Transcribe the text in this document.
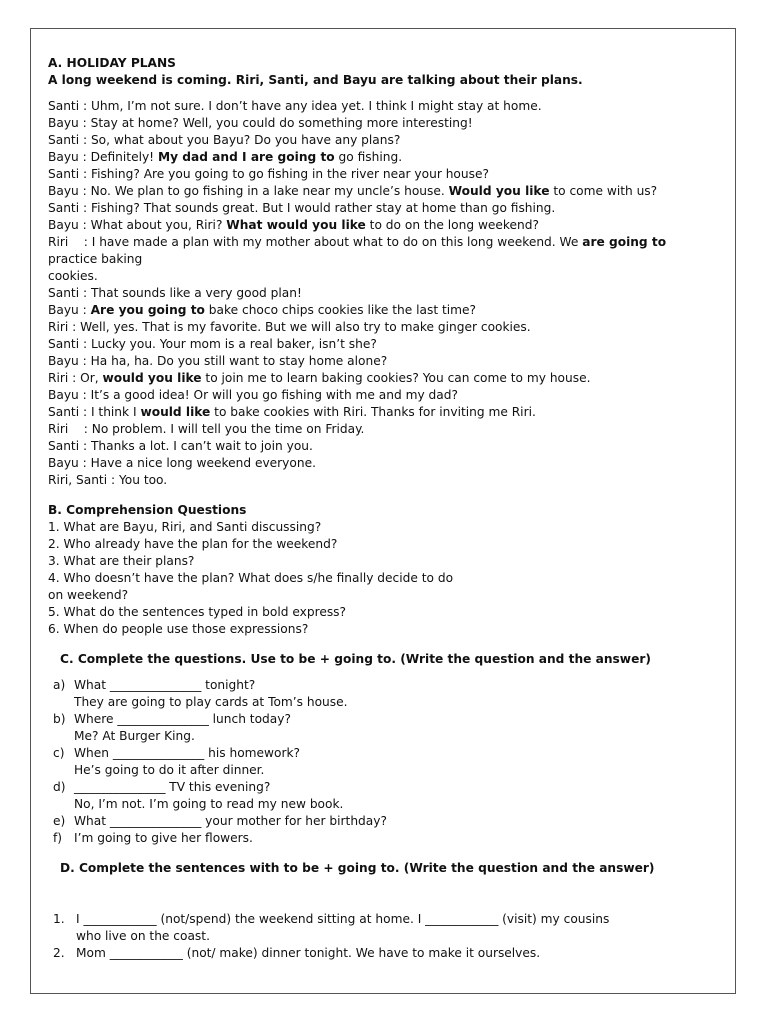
A. HOLIDAY PLANS

A long weekend is coming. Riri, Santi, and Bayu are talking about their plans.

Santi : Uhm, I’m not sure. I don’t have any idea yet. I think I might stay at home.

Bayu : Stay at home? Well, you could do something more interesting!

Santi : So, what about you Bayu? Do you have any plans?

Bayu : Definitely! My dad and I are going to go fishing.

Santi : Fishing? Are you going to go fishing in the river near your house?

Bayu : No. We plan to go fishing in a lake near my uncle’s house. Would you like to come with us?

Santi : Fishing? That sounds great. But I would rather stay at home than go fishing.

Bayu : What about you, Riri? What would you like to do on the long weekend?

Riri    : I have made a plan with my mother about what to do on this long weekend. We are going to

practice baking

cookies.

Santi : That sounds like a very good plan!

Bayu : Are you going to bake choco chips cookies like the last time?

Riri : Well, yes. That is my favorite. But we will also try to make ginger cookies.

Santi : Lucky you. Your mom is a real baker, isn’t she?

Bayu : Ha ha, ha. Do you still want to stay home alone?

Riri : Or, would you like to join me to learn baking cookies? You can come to my house.

Bayu : It’s a good idea! Or will you go fishing with me and my dad?

Santi : I think I would like to bake cookies with Riri. Thanks for inviting me Riri.

Riri    : No problem. I will tell you the time on Friday.

Santi : Thanks a lot. I can’t wait to join you.

Bayu : Have a nice long weekend everyone.

Riri, Santi : You too.

B. Comprehension Questions

1. What are Bayu, Riri, and Santi discussing?

2. Who already have the plan for the weekend?

3. What are their plans?

4. Who doesn’t have the plan? What does s/he finally decide to do

on weekend?

5. What do the sentences typed in bold express?

6. When do people use those expressions?

C. Complete the questions. Use to be + going to. (Write the question and the answer)

a) What _______________ tonight?

They are going to play cards at Tom’s house.

b) Where _______________ lunch today?

Me? At Burger King.

c) When _______________ his homework?

He’s going to do it after dinner.

d) _______________ TV this evening?

No, I’m not. I’m going to read my new book.

e) What _______________ your mother for her birthday?

f) I’m going to give her flowers.

D. Complete the sentences with to be + going to. (Write the question and the answer)

1. I ____________ (not/spend) the weekend sitting at home. I ____________ (visit) my cousins

who live on the coast.

2. Mom ____________ (not/ make) dinner tonight. We have to make it ourselves.
